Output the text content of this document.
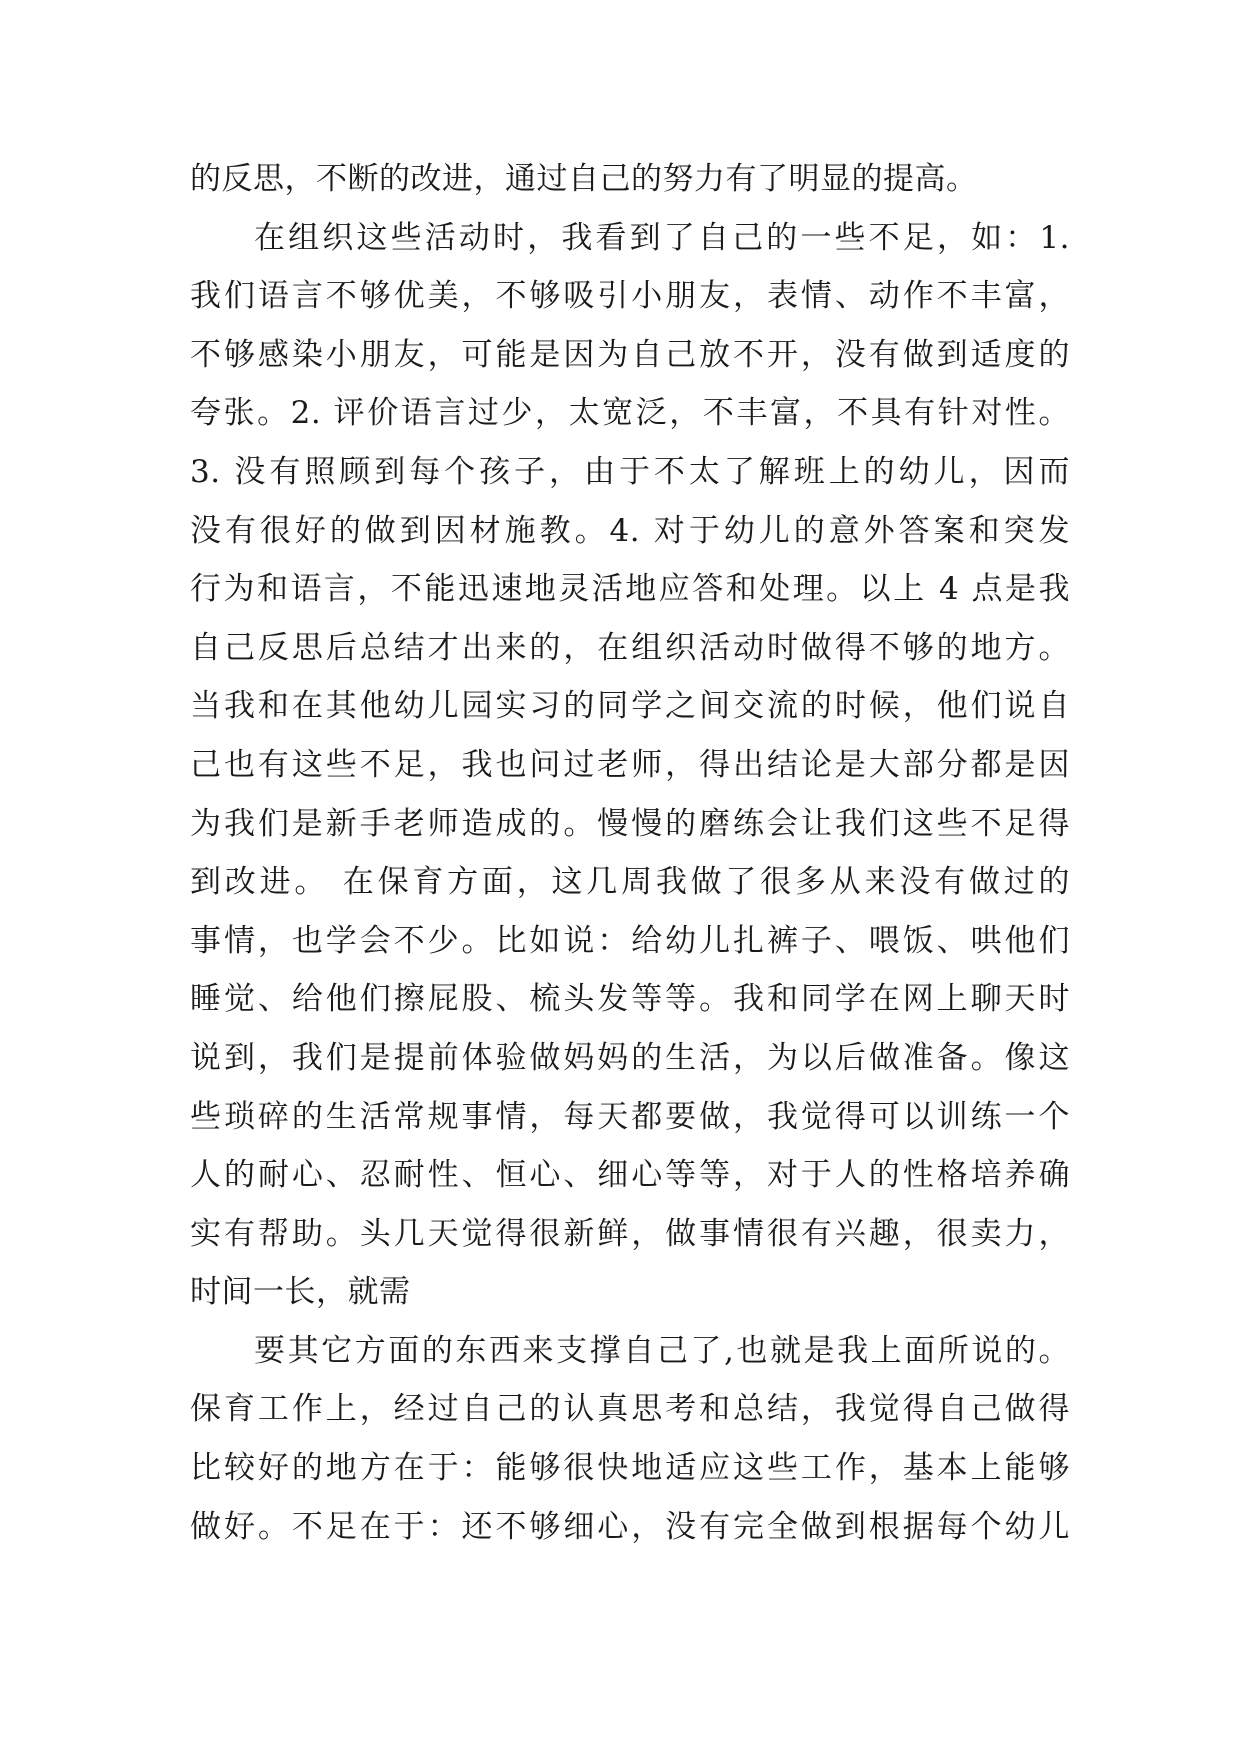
的反思，不断的改进，通过自己的努力有了明显的提高。
在组织这些活动时，我看到了自己的一些不足，如：1.
我们语言不够优美，不够吸引小朋友，表情、动作不丰富，
不够感染小朋友，可能是因为自己放不开，没有做到适度的
夸张。2. 评价语言过少，太宽泛，不丰富，不具有针对性。
3. 没有照顾到每个孩子，由于不太了解班上的幼儿，因而
没有很好的做到因材施教。4. 对于幼儿的意外答案和突发
行为和语言，不能迅速地灵活地应答和处理。以上 4 点是我
自己反思后总结才出来的，在组织活动时做得不够的地方。
当我和在其他幼儿园实习的同学之间交流的时候，他们说自
己也有这些不足，我也问过老师，得出结论是大部分都是因
为我们是新手老师造成的。慢慢的磨练会让我们这些不足得
到改进。 在保育方面，这几周我做了很多从来没有做过的
事情，也学会不少。比如说：给幼儿扎裤子、喂饭、哄他们
睡觉、给他们擦屁股、梳头发等等。我和同学在网上聊天时
说到，我们是提前体验做妈妈的生活，为以后做准备。像这
些琐碎的生活常规事情，每天都要做，我觉得可以训练一个
人的耐心、忍耐性、恒心、细心等等，对于人的性格培养确
实有帮助。头几天觉得很新鲜，做事情很有兴趣，很卖力，
时间一长，就需
要其它方面的东西来支撑自己了,也就是我上面所说的。
保育工作上，经过自己的认真思考和总结，我觉得自己做得
比较好的地方在于：能够很快地适应这些工作，基本上能够
做好。不足在于：还不够细心，没有完全做到根据每个幼儿
